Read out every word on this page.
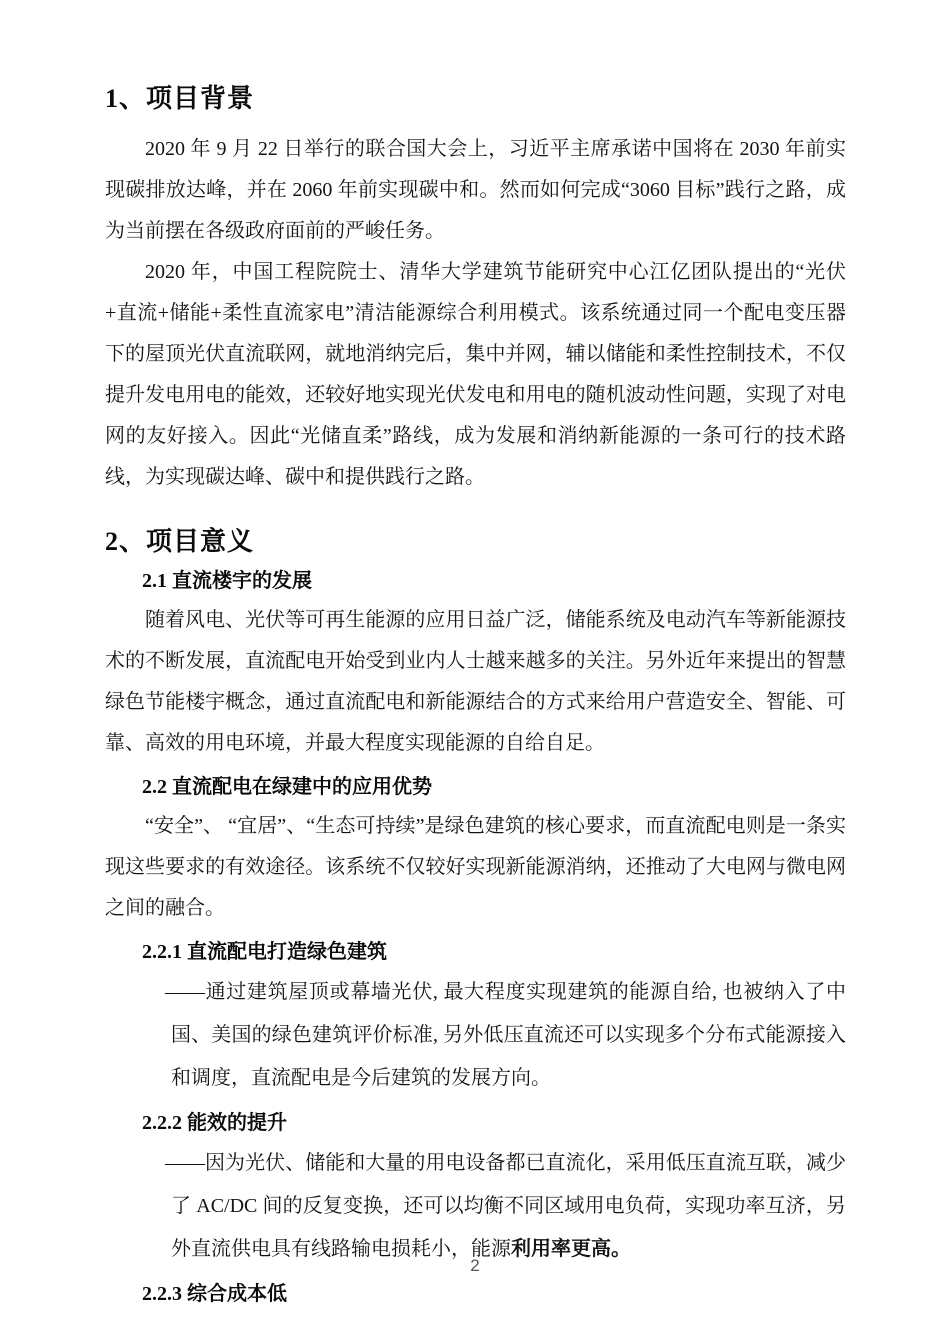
1、项目背景

2020 年 9 月 22 日举行的联合国大会上，习近平主席承诺中国将在 2030 年前实现碳排放达峰，并在 2060 年前实现碳中和。然而如何完成“3060 目标”践行之路，成为当前摆在各级政府面前的严峻任务。

2020 年，中国工程院院士、清华大学建筑节能研究中心江亿团队提出的“光伏+直流+储能+柔性直流家电”清洁能源综合利用模式。该系统通过同一个配电变压器下的屋顶光伏直流联网，就地消纳完后，集中并网，辅以储能和柔性控制技术，不仅提升发电用电的能效，还较好地实现光伏发电和用电的随机波动性问题，实现了对电网的友好接入。因此“光储直柔”路线，成为发展和消纳新能源的一条可行的技术路线，为实现碳达峰、碳中和提供践行之路。

2、项目意义
2.1 直流楼宇的发展

随着风电、光伏等可再生能源的应用日益广泛，储能系统及电动汽车等新能源技术的不断发展，直流配电开始受到业内人士越来越多的关注。另外近年来提出的智慧绿色节能楼宇概念，通过直流配电和新能源结合的方式来给用户营造安全、智能、可靠、高效的用电环境，并最大程度实现能源的自给自足。

2.2 直流配电在绿建中的应用优势

“安全”、 “宜居”、“生态可持续”是绿色建筑的核心要求，而直流配电则是一条实现这些要求的有效途径。该系统不仅较好实现新能源消纳，还推动了大电网与微电网之间的融合。

2.2.1 直流配电打造绿色建筑

——通过建筑屋顶或幕墙光伏, 最大程度实现建筑的能源自给, 也被纳入了中国、美国的绿色建筑评价标准, 另外低压直流还可以实现多个分布式能源接入和调度，直流配电是今后建筑的发展方向。

2.2.2 能效的提升

——因为光伏、储能和大量的用电设备都已直流化，采用低压直流互联，减少了 AC/DC 间的反复变换，还可以均衡不同区域用电负荷，实现功率互济，另外直流供电具有线路输电损耗小，能源利用率更高。

2.2.3 综合成本低
2
